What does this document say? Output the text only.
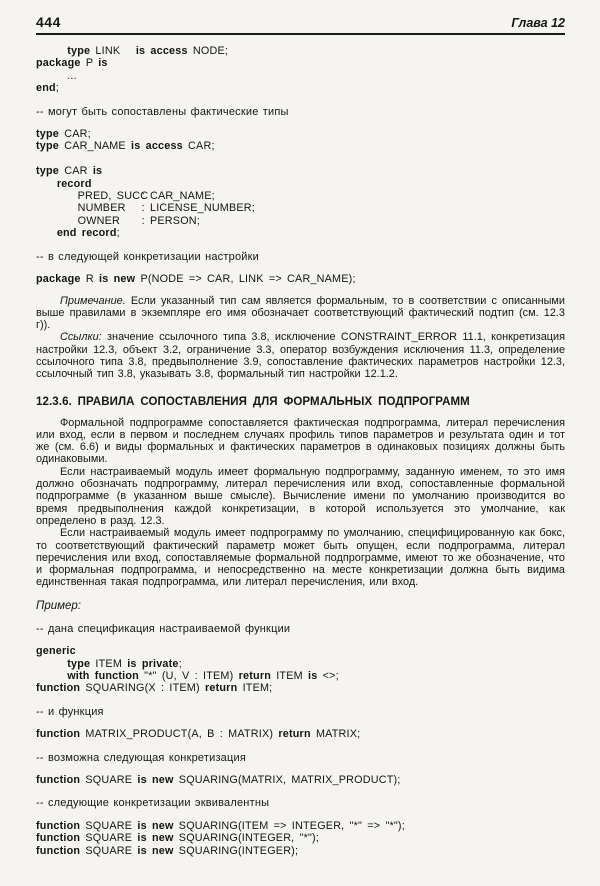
444	Глава 12
type LINK   is access NODE;
package P is
...
end;
-- могут быть сопоставлены фактические типы
type CAR;
type CAR_NAME is access CAR;

type CAR is
record
PRED, SUCC: CAR_NAME;
NUMBER : LICENSE_NUMBER;
OWNER : PERSON;
end record;
-- в следующей конкретизации настройки
package R is new P(NODE => CAR, LINK => CAR_NAME);

Примечание. Если указанный тип сам является формальным, то в соответствии с описанными выше правилами в экземпляре его имя обозначает соответствующий фактический подтип (см. 12.3 г)).

Ссылки: значение ссылочного типа 3.8, исключение CONSTRAINT_ERROR 11.1, конкретизация настройки 12.3, объект 3.2, ограничение 3.3, оператор возбуждения исключения 11.3, определение ссылочного типа 3.8, предвыполнение 3.9, сопоставление фактических параметров настройки 12.3, ссылочный тип 3.8, указывать 3.8, формальный тип настройки 12.1.2.

12.3.6. ПРАВИЛА СОПОСТАВЛЕНИЯ ДЛЯ ФОРМАЛЬНЫХ ПОДПРОГРАММ

Формальной подпрограмме сопоставляется фактическая подпрограмма, литерал перечисления или вход, если в первом и последнем случаях профиль типов параметров и результата один и тот же (см. 6.6) и виды формальных и фактических параметров в одинаковых позициях должны быть одинаковыми.

Если настраиваемый модуль имеет формальную подпрограмму, заданную именем, то это имя должно обозначать подпрограмму, литерал перечисления или вход, сопоставленные формальной подпрограмме (в указанном выше смысле). Вычисление имени по умолчанию производится во время предвыполнения каждой конкретизации, в которой используется это умолчание, как определено в разд. 12.3.

Если настраиваемый модуль имеет подпрограмму по умолчанию, специфицированную как бокс, то соответствующий фактический параметр может быть опущен, если подпрограмма, литерал перечисления или вход, сопоставляемые формальной подпрограмме, имеют то же обозначение, что и формальная подпрограмма, и непосредственно на месте конкретизации должна быть видима единственная такая подпрограмма, или литерал перечисления, или вход.

Пример:
-- дана спецификация настраиваемой функции
generic
type ITEM is private;
with function "*" (U, V : ITEM) return ITEM is <>;
function SQUARING(X : ITEM) return ITEM;
-- и функция
function MATRIX_PRODUCT(A, B : MATRIX) return MATRIX;
-- возможна следующая конкретизация
function SQUARE is new SQUARING(MATRIX, MATRIX_PRODUCT);
-- следующие конкретизации эквивалентны
function SQUARE is new SQUARING(ITEM => INTEGER, "*" => "*");
function SQUARE is new SQUARING(INTEGER, "*");
function SQUARE is new SQUARING(INTEGER);
